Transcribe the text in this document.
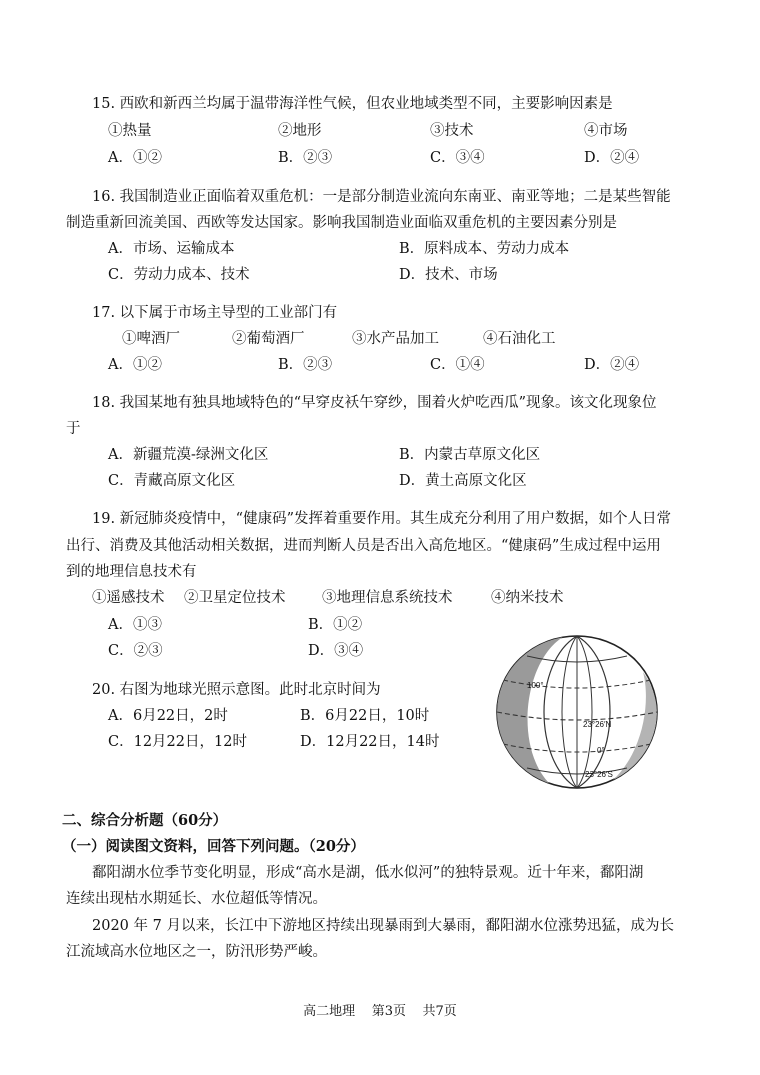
15. 西欧和新西兰均属于温带海洋性气候，但农业地域类型不同，主要影响因素是
①热量	②地形	③技术	④市场
A．①②	B．②③	C．③④	D．②④
16. 我国制造业正面临着双重危机：一是部分制造业流向东南亚、南亚等地；二是某些智能
制造重新回流美国、西欧等发达国家。影响我国制造业面临双重危机的主要因素分别是
A．市场、运输成本	B．原料成本、劳动力成本
C．劳动力成本、技术	D．技术、市场
17. 以下属于市场主导型的工业部门有
①啤酒厂	②葡萄酒厂	③水产品加工	④石油化工
A．①②	B．②③	C．①④	D．②④
18. 我国某地有独具地域特色的“早穿皮袄午穿纱，围着火炉吃西瓜”现象。该文化现象位
于
A．新疆荒漠-绿洲文化区	B．内蒙古草原文化区
C．青藏高原文化区	D．黄土高原文化区
19. 新冠肺炎疫情中，“健康码”发挥着重要作用。其生成充分利用了用户数据，如个人日常
出行、消费及其他活动相关数据，进而判断人员是否出入高危地区。“健康码”生成过程中运用
到的地理信息技术有
①遥感技术 ②卫星定位技术	③地理信息系统技术	④纳米技术
A．①③	B．①②
C．②③	D．③④
20. 右图为地球光照示意图。此时北京时间为
A．6月22日，2时	B．6月22日，10时
C．12月22日，12时	D．12月22日，14时
100°
23°26′N
0°
23°26′S
二、综合分析题（60分）
（一）阅读图文资料，回答下列问题。（20分）
鄱阳湖水位季节变化明显，形成“高水是湖，低水似河”的独特景观。近十年来，鄱阳湖
连续出现枯水期延长、水位超低等情况。
2020 年 7 月以来，长江中下游地区持续出现暴雨到大暴雨，鄱阳湖水位涨势迅猛，成为长
江流域高水位地区之一，防汛形势严峻。
高二地理 第3页 共7页
